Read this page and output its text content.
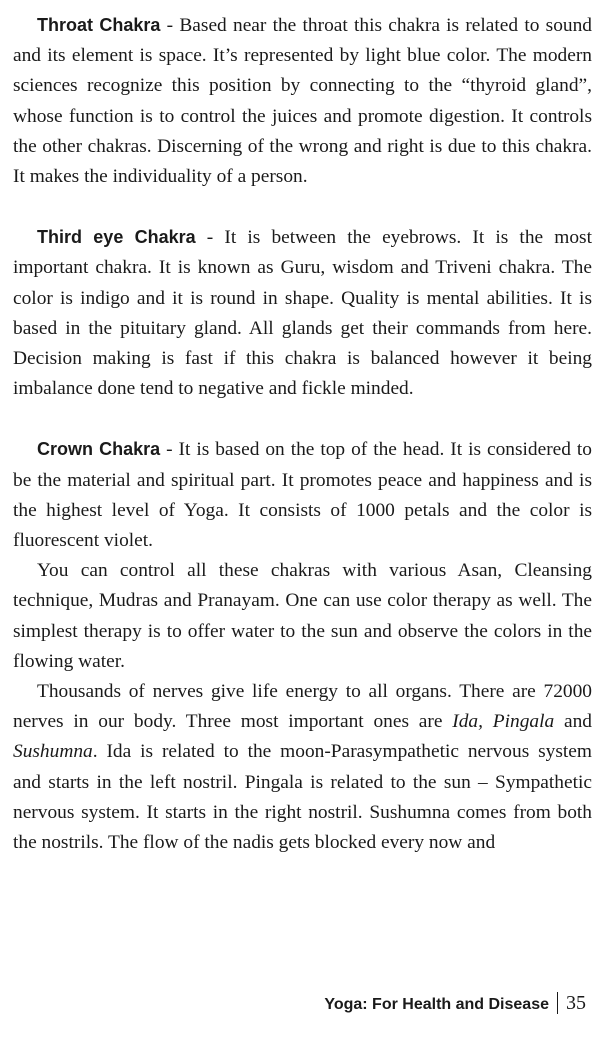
Throat Chakra - Based near the throat this chakra is related to sound and its element is space. It’s represented by light blue color. The modern sciences recognize this position by connecting to the “thyroid gland”, whose function is to control the juices and promote digestion. It controls the other chakras. Discerning of the wrong and right is due to this chakra. It makes the individuality of a person.

Third eye Chakra - It is between the eyebrows. It is the most important chakra. It is known as Guru, wisdom and Triveni chakra. The color is indigo and it is round in shape. Quality is mental abilities. It is based in the pituitary gland. All glands get their commands from here. Decision making is fast if this chakra is balanced however it being imbalance done tend to negative and fickle minded.

Crown Chakra - It is based on the top of the head. It is considered to be the material and spiritual part. It promotes peace and happiness and is the highest level of Yoga. It consists of 1000 petals and the color is fluorescent violet.

You can control all these chakras with various Asan, Cleansing technique, Mudras and Pranayam. One can use color therapy as well. The simplest therapy is to offer water to the sun and observe the colors in the flowing water.

Thousands of nerves give life energy to all organs. There are 72000 nerves in our body. Three most important ones are Ida, Pingala and Sushumna. Ida is related to the moon-Parasympathetic nervous system and starts in the left nostril. Pingala is related to the sun – Sympathetic nervous system. It starts in the right nostril. Sushumna comes from both the nostrils. The flow of the nadis gets blocked every now and

Yoga: For Health and Disease 35
